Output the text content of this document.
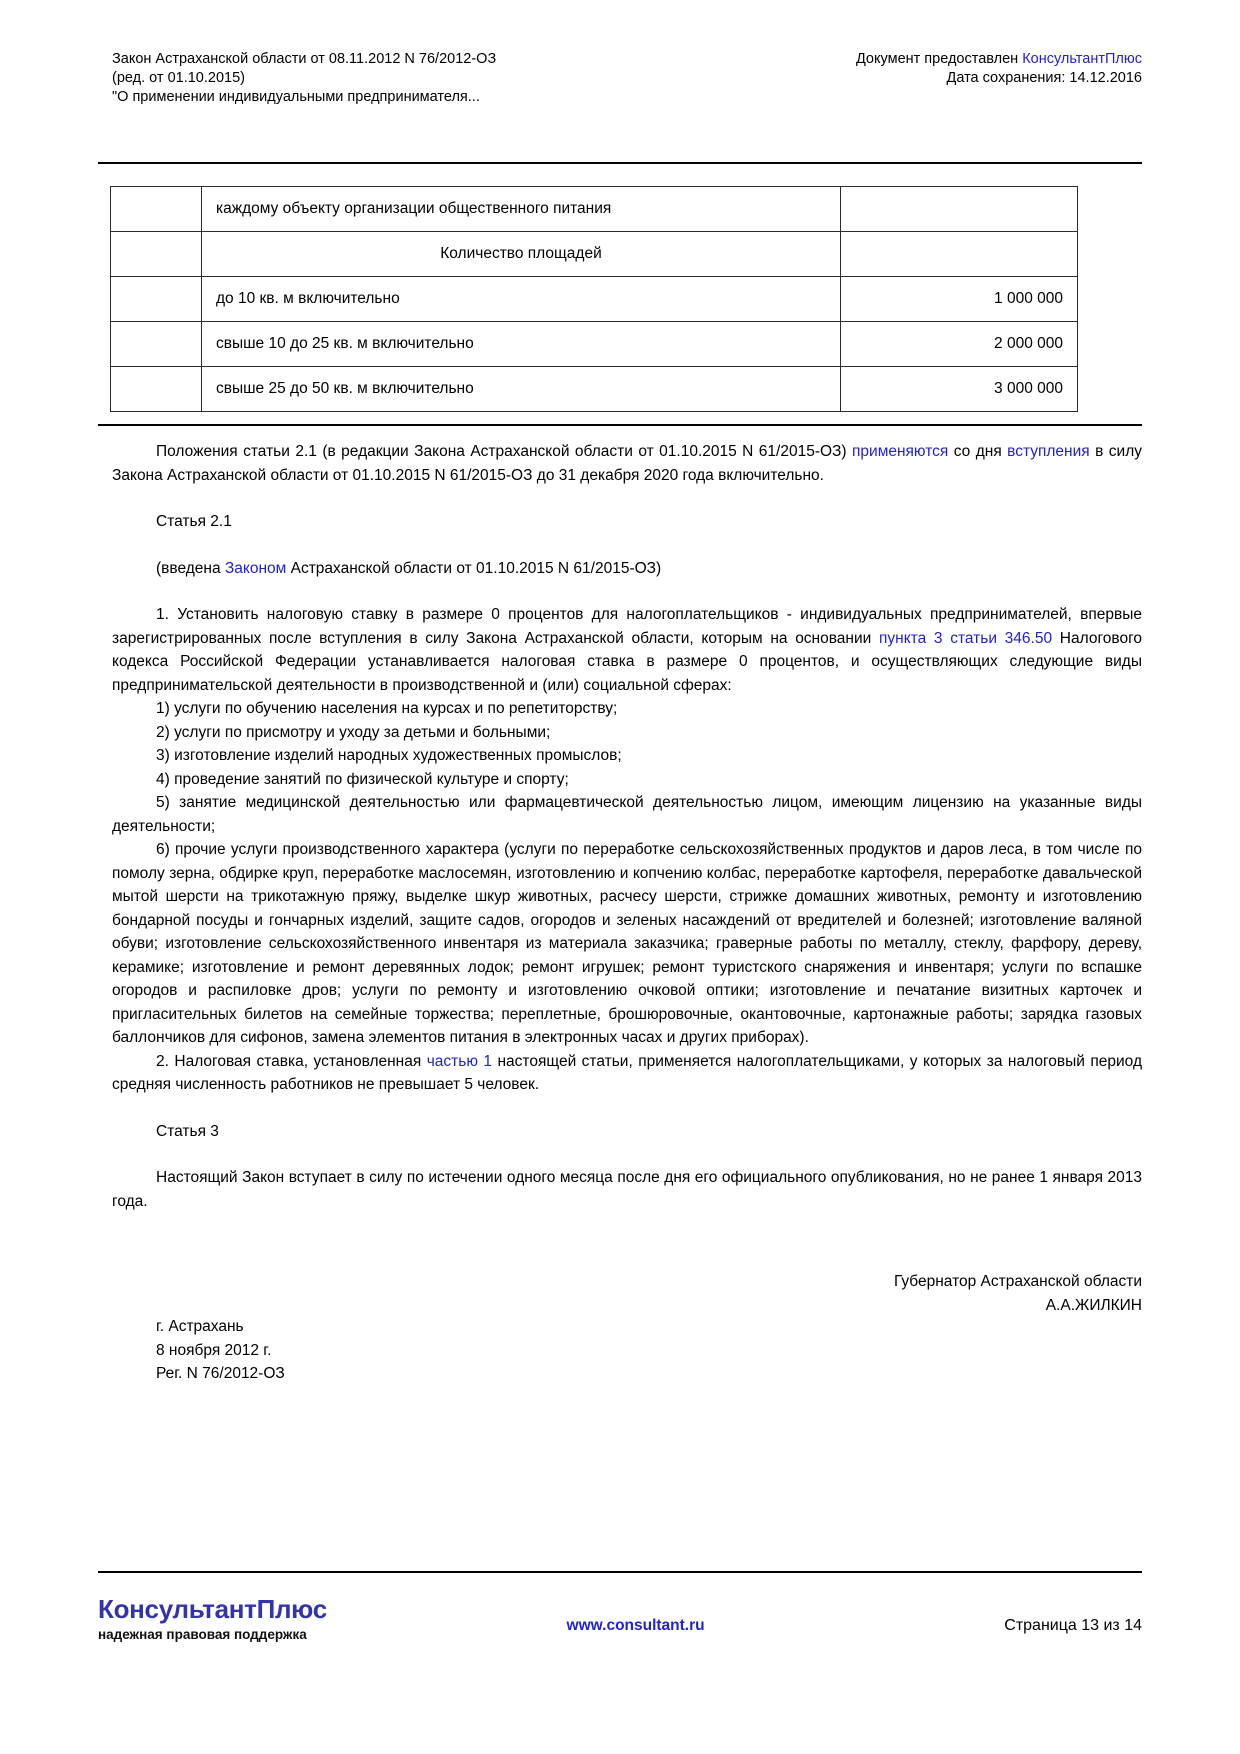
Закон Астраханской области от 08.11.2012 N 76/2012-ОЗ
(ред. от 01.10.2015)
"О применении индивидуальными предпринимателя...
Документ предоставлен КонсультантПлюс
Дата сохранения: 14.12.2016
	каждому объекту организации общественного питания	
	Количество площадей	
	до 10 кв. м включительно	1 000 000
	свыше 10 до 25 кв. м включительно	2 000 000
	свыше 25 до 50 кв. м включительно	3 000 000

Положения статьи 2.1 (в редакции Закона Астраханской области от 01.10.2015 N 61/2015-ОЗ) применяются со дня вступления в силу Закона Астраханской области от 01.10.2015 N 61/2015-ОЗ до 31 декабря 2020 года включительно.

Статья 2.1

(введена Законом Астраханской области от 01.10.2015 N 61/2015-ОЗ)

1. Установить налоговую ставку в размере 0 процентов для налогоплательщиков - индивидуальных предпринимателей, впервые зарегистрированных после вступления в силу Закона Астраханской области, которым на основании пункта 3 статьи 346.50 Налогового кодекса Российской Федерации устанавливается налоговая ставка в размере 0 процентов, и осуществляющих следующие виды предпринимательской деятельности в производственной и (или) социальной сферах:

1) услуги по обучению населения на курсах и по репетиторству;

2) услуги по присмотру и уходу за детьми и больными;

3) изготовление изделий народных художественных промыслов;

4) проведение занятий по физической культуре и спорту;

5) занятие медицинской деятельностью или фармацевтической деятельностью лицом, имеющим лицензию на указанные виды деятельности;

6) прочие услуги производственного характера (услуги по переработке сельскохозяйственных продуктов и даров леса, в том числе по помолу зерна, обдирке круп, переработке маслосемян, изготовлению и копчению колбас, переработке картофеля, переработке давальческой мытой шерсти на трикотажную пряжу, выделке шкур животных, расчесу шерсти, стрижке домашних животных, ремонту и изготовлению бондарной посуды и гончарных изделий, защите садов, огородов и зеленых насаждений от вредителей и болезней; изготовление валяной обуви; изготовление сельскохозяйственного инвентаря из материала заказчика; граверные работы по металлу, стеклу, фарфору, дереву, керамике; изготовление и ремонт деревянных лодок; ремонт игрушек; ремонт туристского снаряжения и инвентаря; услуги по вспашке огородов и распиловке дров; услуги по ремонту и изготовлению очковой оптики; изготовление и печатание визитных карточек и пригласительных билетов на семейные торжества; переплетные, брошюровочные, окантовочные, картонажные работы; зарядка газовых баллончиков для сифонов, замена элементов питания в электронных часах и других приборах).

2. Налоговая ставка, установленная частью 1 настоящей статьи, применяется налогоплательщиками, у которых за налоговый период средняя численность работников не превышает 5 человек.

Статья 3

Настоящий Закон вступает в силу по истечении одного месяца после дня его официального опубликования, но не ранее 1 января 2013 года.

Губернатор Астраханской области
А.А.ЖИЛКИН
г. Астрахань
8 ноября 2012 г.
Рег. N 76/2012-ОЗ
КонсультантПлюс
надежная правовая поддержка
www.consultant.ru	Страница 13 из 14
